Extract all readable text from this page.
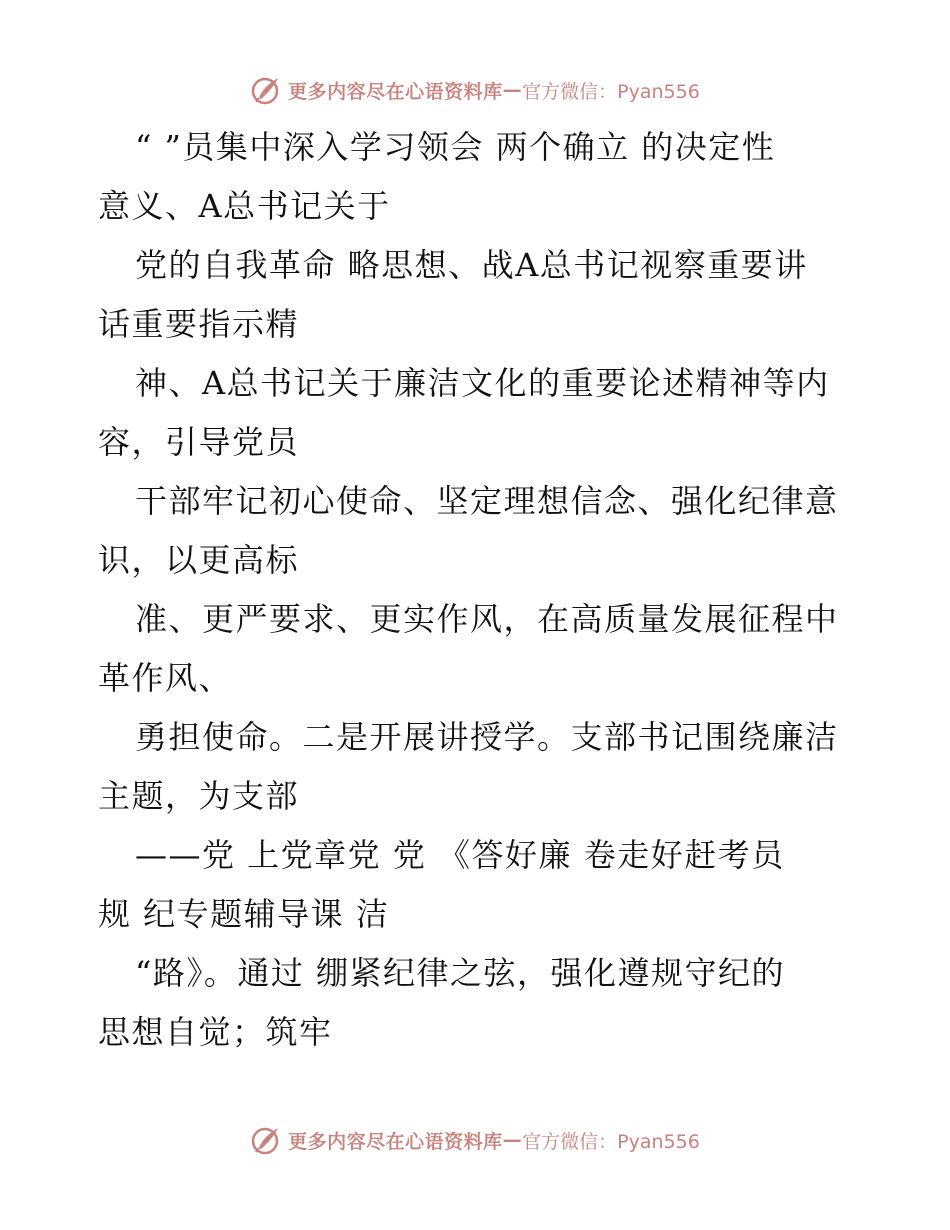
更多内容尽在心语资料库 — 官方微信：Pyan556
“ ”员集中深入学习领会 两个确立 的决定性
意义、A总书记关于
党的自我革命 略思想、战A总书记视察重要讲
话重要指示精
神、A总书记关于廉洁文化的重要论述精神等内
容，引导党员
干部牢记初心使命、坚定理想信念、强化纪律意
识，以更高标
准、更严要求、更实作风，在高质量发展征程中
革作风、
勇担使命。二是开展讲授学。支部书记围绕廉洁
主题，为支部
——党 上党章党 党 《答好廉 卷走好赶考员
规 纪专题辅导课 洁
“路》。通过 绷紧纪律之弦，强化遵规守纪的
思想自觉；筑牢
更多内容尽在心语资料库 — 官方微信：Pyan556
